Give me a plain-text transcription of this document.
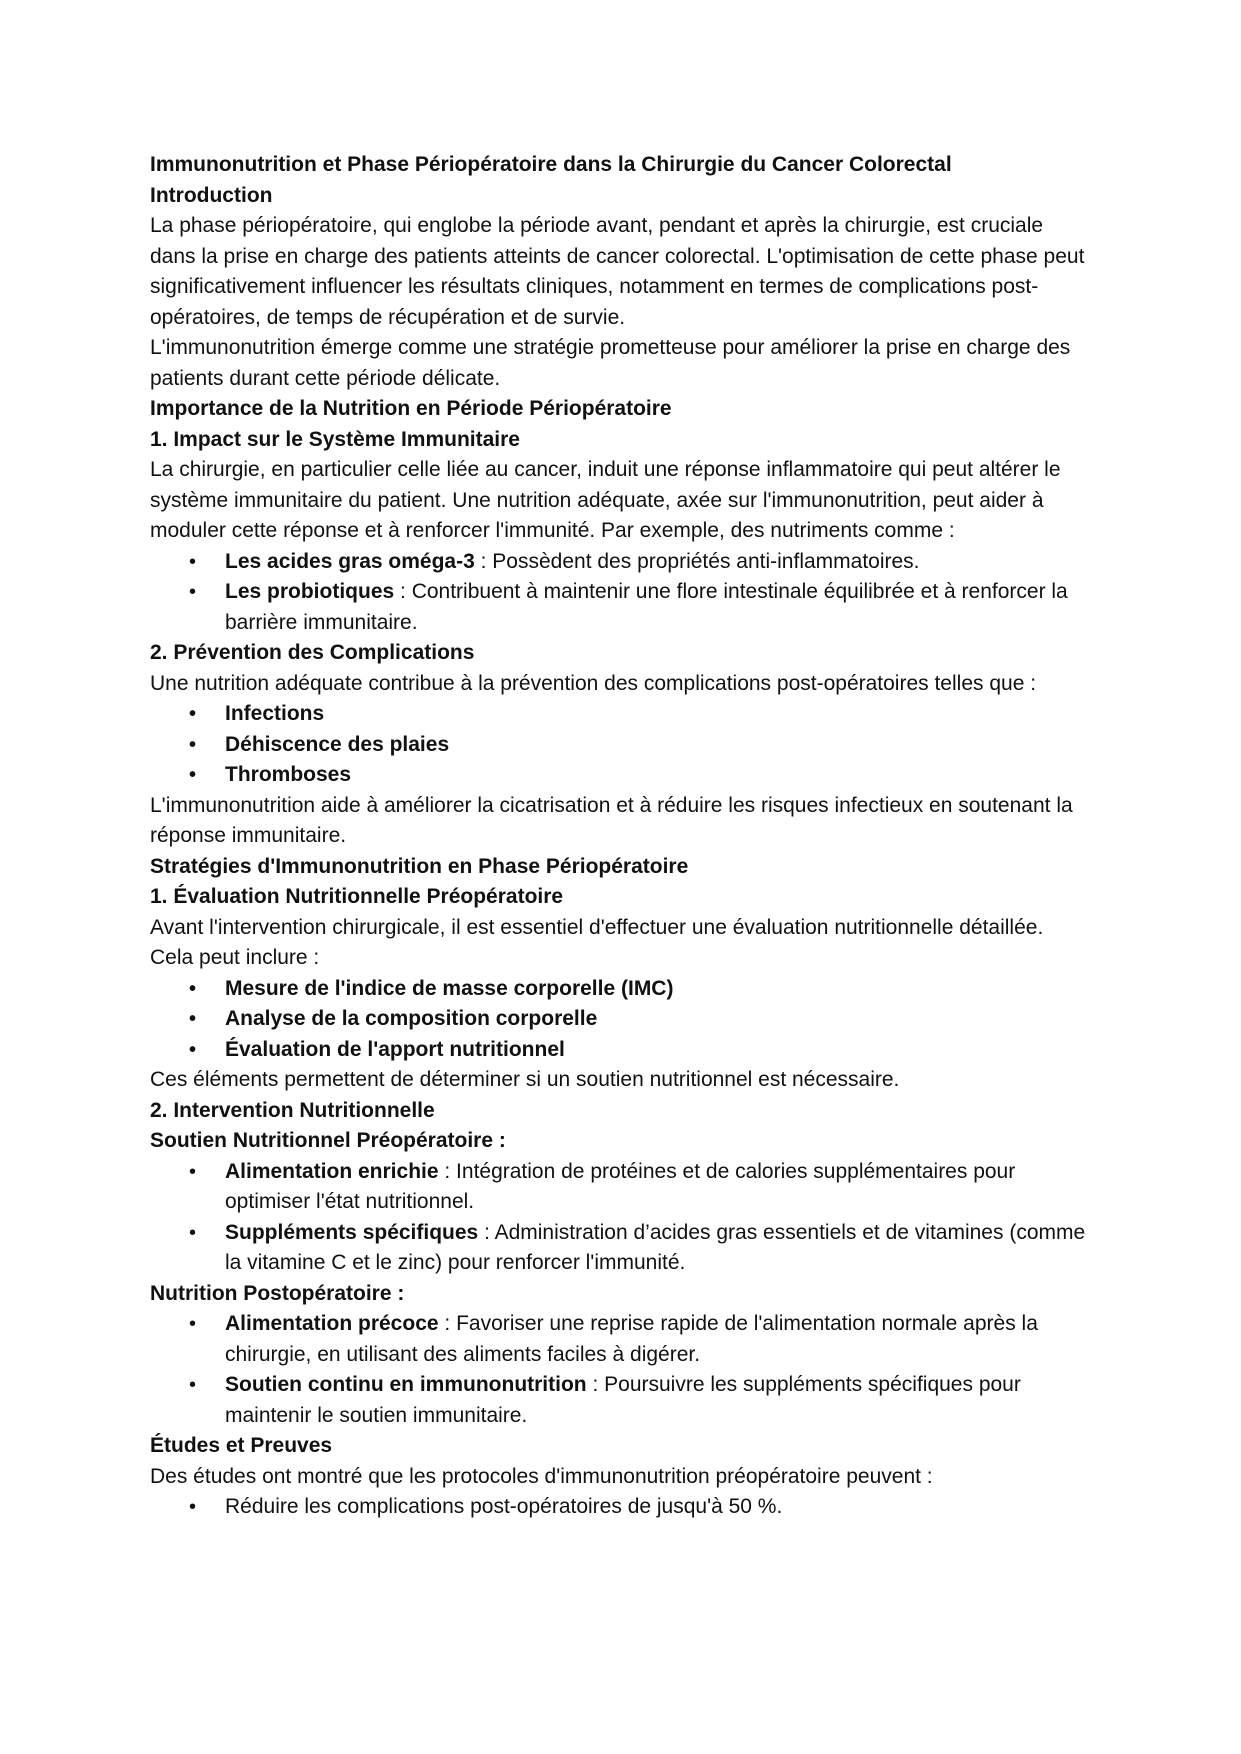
Immunonutrition et Phase Périopératoire dans la Chirurgie du Cancer Colorectal

Introduction

La phase périopératoire, qui englobe la période avant, pendant et après la chirurgie, est cruciale dans la prise en charge des patients atteints de cancer colorectal. L'optimisation de cette phase peut significativement influencer les résultats cliniques, notamment en termes de complications post-opératoires, de temps de récupération et de survie.

L'immunonutrition émerge comme une stratégie prometteuse pour améliorer la prise en charge des patients durant cette période délicate.

Importance de la Nutrition en Période Périopératoire

1. Impact sur le Système Immunitaire

La chirurgie, en particulier celle liée au cancer, induit une réponse inflammatoire qui peut altérer le système immunitaire du patient. Une nutrition adéquate, axée sur l'immunonutrition, peut aider à moduler cette réponse et à renforcer l'immunité. Par exemple, des nutriments comme :

• Les acides gras oméga-3 : Possèdent des propriétés anti-inflammatoires.
• Les probiotiques : Contribuent à maintenir une flore intestinale équilibrée et à renforcer la barrière immunitaire.

2. Prévention des Complications

Une nutrition adéquate contribue à la prévention des complications post-opératoires telles que :

• Infections
• Déhiscence des plaies
• Thromboses

L'immunonutrition aide à améliorer la cicatrisation et à réduire les risques infectieux en soutenant la réponse immunitaire.

Stratégies d'Immunonutrition en Phase Périopératoire

1. Évaluation Nutritionnelle Préopératoire

Avant l'intervention chirurgicale, il est essentiel d'effectuer une évaluation nutritionnelle détaillée. Cela peut inclure :

• Mesure de l'indice de masse corporelle (IMC)
• Analyse de la composition corporelle
• Évaluation de l'apport nutritionnel

Ces éléments permettent de déterminer si un soutien nutritionnel est nécessaire.

2. Intervention Nutritionnelle

Soutien Nutritionnel Préopératoire :

• Alimentation enrichie : Intégration de protéines et de calories supplémentaires pour optimiser l'état nutritionnel.
• Suppléments spécifiques : Administration d’acides gras essentiels et de vitamines (comme la vitamine C et le zinc) pour renforcer l'immunité.

Nutrition Postopératoire :

• Alimentation précoce : Favoriser une reprise rapide de l'alimentation normale après la chirurgie, en utilisant des aliments faciles à digérer.
• Soutien continu en immunonutrition : Poursuivre les suppléments spécifiques pour maintenir le soutien immunitaire.

Études et Preuves

Des études ont montré que les protocoles d'immunonutrition préopératoire peuvent :

• Réduire les complications post-opératoires de jusqu'à 50 %.
